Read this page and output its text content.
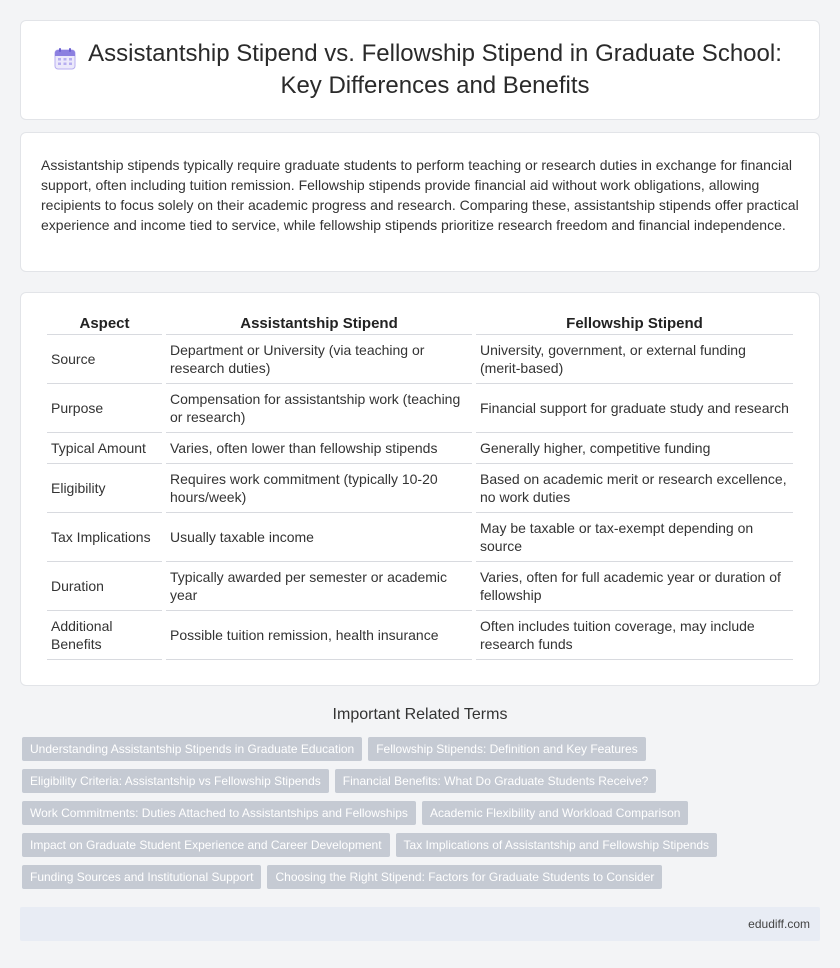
Assistantship Stipend vs. Fellowship Stipend in Graduate School: Key Differences and Benefits

Assistantship stipends typically require graduate students to perform teaching or research duties in exchange for financial support, often including tuition remission. Fellowship stipends provide financial aid without work obligations, allowing recipients to focus solely on their academic progress and research. Comparing these, assistantship stipends offer practical experience and income tied to service, while fellowship stipends prioritize research freedom and financial independence.

Aspect	Assistantship Stipend	Fellowship Stipend
Source	Department or University (via teaching or research duties)	University, government, or external funding (merit-based)
Purpose	Compensation for assistantship work (teaching or research)	Financial support for graduate study and research
Typical Amount	Varies, often lower than fellowship stipends	Generally higher, competitive funding
Eligibility	Requires work commitment (typically 10-20 hours/week)	Based on academic merit or research excellence, no work duties
Tax Implications	Usually taxable income	May be taxable or tax-exempt depending on source
Duration	Typically awarded per semester or academic year	Varies, often for full academic year or duration of fellowship
Additional Benefits	Possible tuition remission, health insurance	Often includes tuition coverage, may include research funds
Important Related Terms
Understanding Assistantship Stipends in Graduate Education Fellowship Stipends: Definition and Key Features
Eligibility Criteria: Assistantship vs Fellowship Stipends Financial Benefits: What Do Graduate Students Receive?
Work Commitments: Duties Attached to Assistantships and Fellowships Academic Flexibility and Workload Comparison
Impact on Graduate Student Experience and Career Development Tax Implications of Assistantship and Fellowship Stipends
Funding Sources and Institutional Support Choosing the Right Stipend: Factors for Graduate Students to Consider
edudiff.com
